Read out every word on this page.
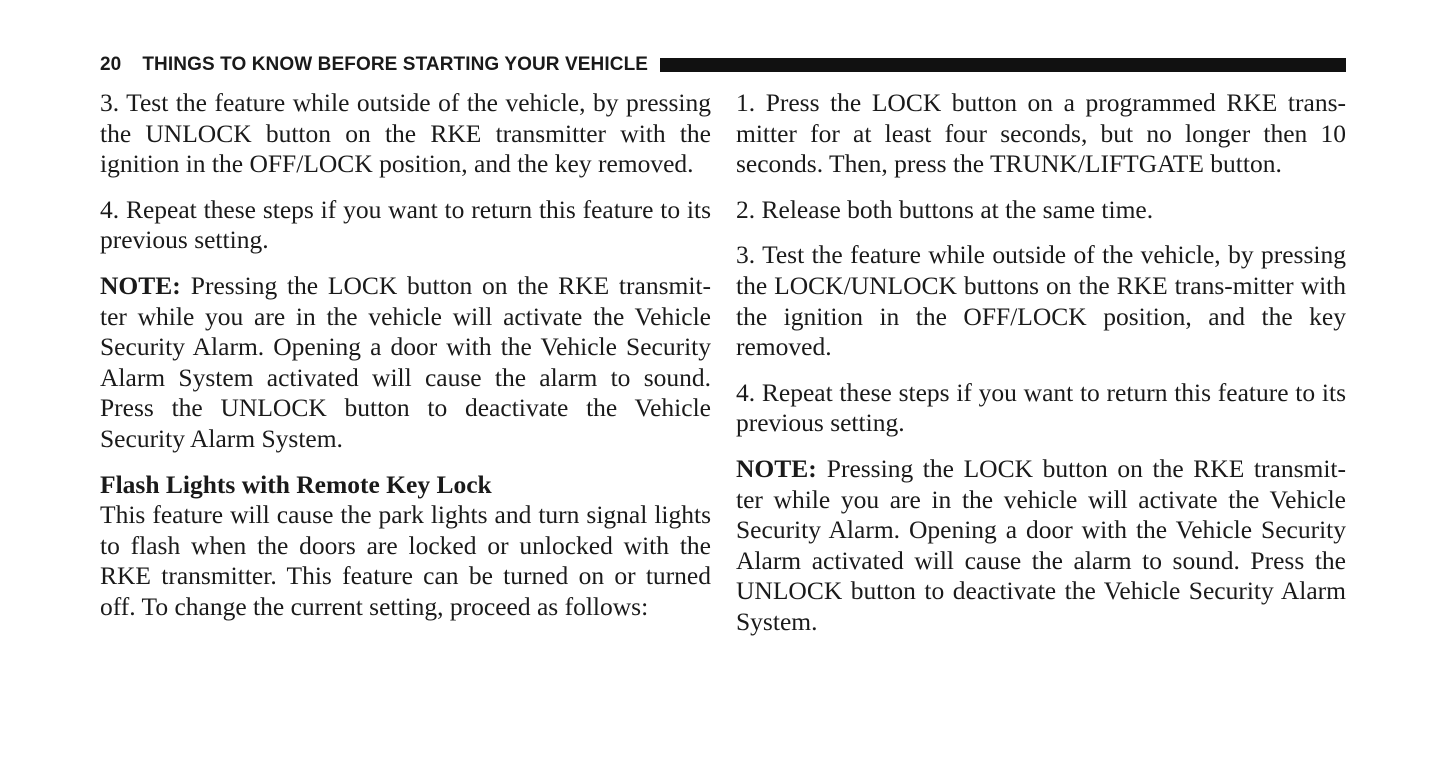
20 THINGS TO KNOW BEFORE STARTING YOUR VEHICLE

3. Test the feature while outside of the vehicle, by pressing the UNLOCK button on the RKE transmitter with the ignition in the OFF/LOCK position, and the key removed.

4. Repeat these steps if you want to return this feature to its previous setting.

NOTE: Pressing the LOCK button on the RKE transmit-ter while you are in the vehicle will activate the Vehicle Security Alarm. Opening a door with the Vehicle Security Alarm System activated will cause the alarm to sound. Press the UNLOCK button to deactivate the Vehicle Security Alarm System.

Flash Lights with Remote Key Lock

This feature will cause the park lights and turn signal lights to flash when the doors are locked or unlocked with the RKE transmitter. This feature can be turned on or turned off. To change the current setting, proceed as follows:

1. Press the LOCK button on a programmed RKE trans-mitter for at least four seconds, but no longer then 10 seconds. Then, press the TRUNK/LIFTGATE button.

2. Release both buttons at the same time.

3. Test the feature while outside of the vehicle, by pressing the LOCK/UNLOCK buttons on the RKE trans-mitter with the ignition in the OFF/LOCK position, and the key removed.

4. Repeat these steps if you want to return this feature to its previous setting.

NOTE: Pressing the LOCK button on the RKE transmit-ter while you are in the vehicle will activate the Vehicle Security Alarm. Opening a door with the Vehicle Security Alarm activated will cause the alarm to sound. Press the UNLOCK button to deactivate the Vehicle Security Alarm System.
